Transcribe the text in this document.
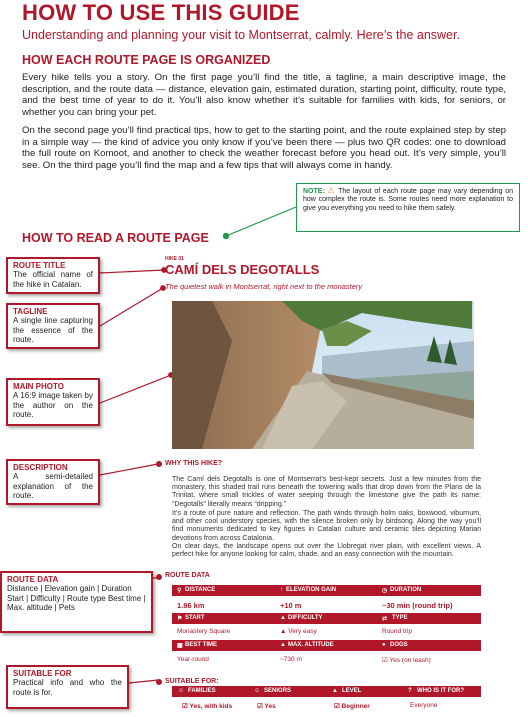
HOW TO USE THIS GUIDE
Understanding and planning your visit to Montserrat, calmly. Here’s the answer.
HOW EACH ROUTE PAGE IS ORGANIZED
Every hike tells you a story. On the first page you’ll find the title, a tagline, a main descriptive image, the description, and the route data — distance, elevation gain, estimated duration, starting point, difficulty, route type, and the best time of year to do it. You’ll also know whether it’s suitable for families with kids, for seniors, or whether you can bring your pet.
On the second page you’ll find practical tips, how to get to the starting point, and the route explained step by step in a simple way — the kind of advice you only know if you’ve been there — plus two QR codes: one to download the full route on Komoot, and another to check the weather forecast before you head out. It’s very simple, you’ll see. On the third page you’ll find the map and a few tips that will always come in handy.
NOTE: ⚠ The layout of each route page may vary depending on how complex the route is. Some routes need more explanation to give you everything you need to hike them safely.
HOW TO READ A ROUTE PAGE
ROUTE TITLE
The official name of the hike in Catalan.
TAGLINE
A single line capturing the essence of the route.
MAIN PHOTO
A 16:9 image taken by the author on the route.
DESCRIPTION
A semi-detailed explanation of the route.
ROUTE DATA
Distance | Elevation gain | Duration Start | Difficulty | Route type Best time | Max. altitude | Pets
SUITABLE FOR
Practical info and who the route is for.
HIKE 01
CAMÍ DELS DEGOTALLS
The quietest walk in Montserrat, right next to the monastery
WHY THIS HIKE?
The Camí dels Degotalls is one of Montserrat’s best-kept secrets. Just a few minutes from the monastery, this shaded trail runs beneath the towering walls that drop down from the Plans de la Trinitat, where small trickles of water seeping through the limestone give the path its name: “Degotalls” literally means “dripping.”
It’s a route of pure nature and reflection. The path winds through holm oaks, boxwood, viburnum, and other cool understory species, with the silence broken only by birdsong. Along the way you’ll find monuments dedicated to key figures in Catalan culture and ceramic tiles depicting Marian devotions from across Catalonia.
On clear days, the landscape opens out over the Llobregat river plain, with excellent views. A perfect hike for anyone looking for calm, shade, and an easy connection with the mountain.
ROUTE DATA
⚲ DISTANCE	↑ ELEVATION GAIN	◷ DURATION
1.86 km	+10 m	~30 min (round trip)
⚑ START	▲ DIFFICULTY	⇄ TYPE
Monastery Square	▲ Very easy	Round trip
▦ BEST TIME	▲ MAX. ALTITUDE	● DOGS
Year-round	~730 m	☑ Yes (on leash)
SUITABLE FOR:
☺ FAMILIES	☺ SENIORS	▲ LEVEL	? WHO IS IT FOR?
☑ Yes, with kids	☑ Yes	☑ Beginner	Everyone
